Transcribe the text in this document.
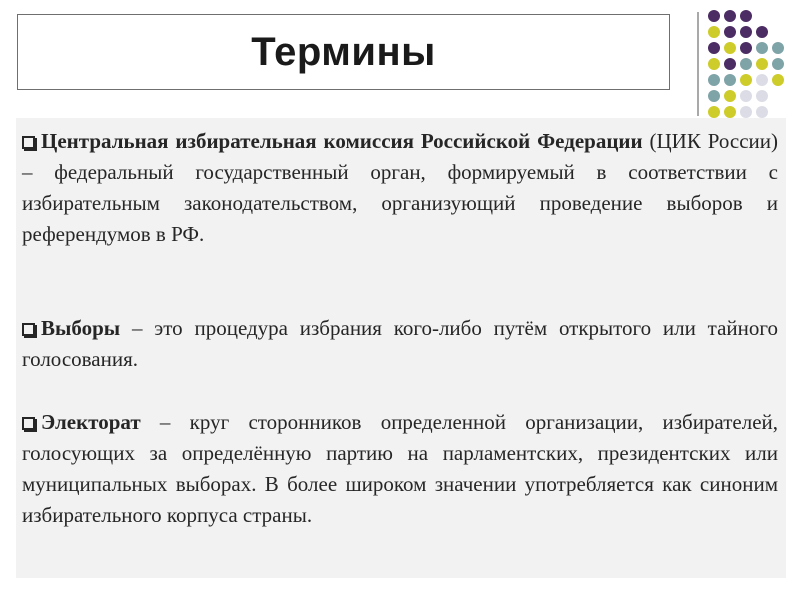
Термины

Центральная избирательная комиссия Российской Федерации (ЦИК России) – федеральный государственный орган, формируемый в соответствии с избирательным законодательством, организующий проведение выборов и референдумов в РФ.

Выборы – это процедура избрания кого-либо путём открытого или тайного голосования.

Электорат – круг сторонников определенной организации, избирателей, голосующих за определённую партию на парламентских, президентских или муниципальных выборах. В более широком значении употребляется как синоним избирательного корпуса страны.
